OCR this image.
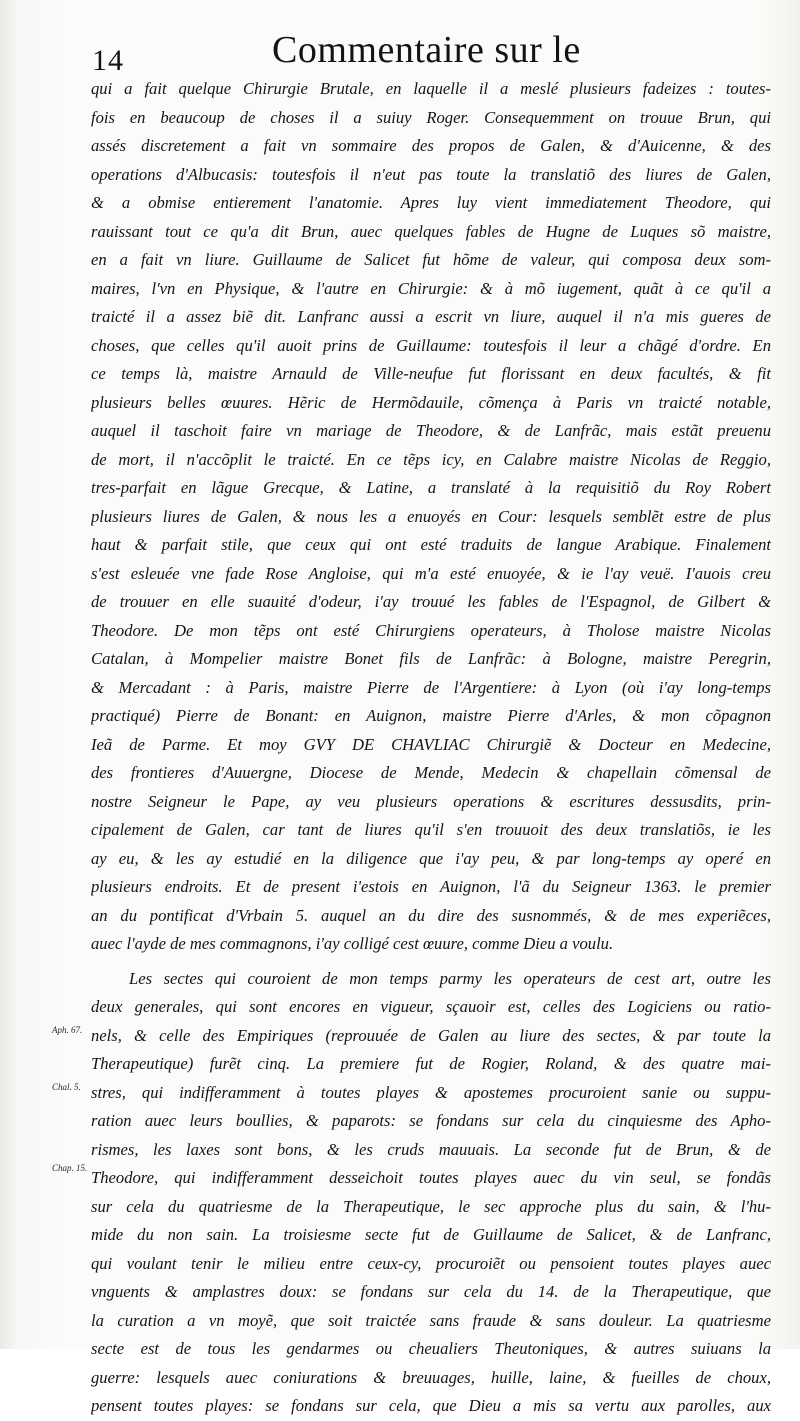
14	Commentaire sur le
qui a fait quelque Chirurgie Brutale, en laquelle il a meslé plusieurs fadeizes : toutes-
fois en beaucoup de choses il a suiuy Roger. Consequemment on trouue Brun, qui
assés discretement a fait vn sommaire des propos de Galen, & d'Auicenne, & des
operations d'Albucasis: toutesfois il n'eut pas toute la translatiõ des liures de Galen,
& a obmise entierement l'anatomie. Apres luy vient immediatement Theodore, qui
rauissant tout ce qu'a dit Brun, auec quelques fables de Hugne de Luques sõ maistre,
en a fait vn liure. Guillaume de Salicet fut hõme de valeur, qui composa deux som-
maires, l'vn en Physique, & l'autre en Chirurgie: & à mõ iugement, quãt à ce qu'il a
traicté il a assez biẽ dit. Lanfranc aussi a escrit vn liure, auquel il n'a mis gueres de
choses, que celles qu'il auoit prins de Guillaume: toutesfois il leur a chãgé d'ordre. En
ce temps là, maistre Arnauld de Ville-neufue fut florissant en deux facultés, & fit
plusieurs belles œuures. Hẽric de Hermõdauile, cõmença à Paris vn traicté notable,
auquel il taschoit faire vn mariage de Theodore, & de Lanfrãc, mais estãt preuenu
de mort, il n'accõplit le traicté. En ce tẽps icy, en Calabre maistre Nicolas de Reggio,
tres-parfait en lãgue Grecque, & Latine, a translaté à la requisitiõ du Roy Robert
plusieurs liures de Galen, & nous les a enuoyés en Cour: lesquels semblẽt estre de plus
haut & parfait stile, que ceux qui ont esté traduits de langue Arabique. Finalement
s'est esleuée vne fade Rose Angloise, qui m'a esté enuoyée, & ie l'ay veuë. I'auois creu
de trouuer en elle suauité d'odeur, i'ay trouué les fables de l'Espagnol, de Gilbert &
Theodore. De mon tẽps ont esté Chirurgiens operateurs, à Tholose maistre Nicolas
Catalan, à Mompelier maistre Bonet fils de Lanfrãc: à Bologne, maistre Peregrin,
& Mercadant : à Paris, maistre Pierre de l'Argentiere: à Lyon (où i'ay long-temps
practiqué) Pierre de Bonant: en Auignon, maistre Pierre d'Arles, & mon cõpagnon
Ieã de Parme. Et moy GVY DE CHAVLIAC Chirurgiẽ & Docteur en Medecine,
des frontieres d'Auuergne, Diocese de Mende, Medecin & chapellain cõmensal de
nostre Seigneur le Pape, ay veu plusieurs operations & escritures dessusdits, prin-
cipalement de Galen, car tant de liures qu'il s'en trouuoit des deux translatiõs, ie les
ay eu, & les ay estudié en la diligence que i'ay peu, & par long-temps ay operé en
plusieurs endroits. Et de present i'estois en Auignon, l'ã du Seigneur 1363. le premier
an du pontificat d'Vrbain 5. auquel an du dire des susnommés, & de mes experiẽces,
auec l'ayde de mes commagnons, i'ay colligé cest œuure, comme Dieu a voulu.
Les sectes qui couroient de mon temps parmy les operateurs de cest art, outre les
deux generales, qui sont encores en vigueur, sçauoir est, celles des Logiciens ou ratio-
nels, & celle des Empiriques (reprouuée de Galen au liure des sectes, & par toute la
Therapeutique) furẽt cinq. La premiere fut de Rogier, Roland, & des quatre mai-
stres, qui indifferamment à toutes playes & apostemes procuroient sanie ou suppu-
ration auec leurs boullies, & paparots: se fondans sur cela du cinquiesme des Apho-
rismes, les laxes sont bons, & les cruds mauuais. La seconde fut de Brun, & de
Theodore, qui indifferamment desseichoit toutes playes auec du vin seul, se fondãs
sur cela du quatriesme de la Therapeutique, le sec approche plus du sain, & l'hu-
mide du non sain. La troisiesme secte fut de Guillaume de Salicet, & de Lanfranc,
qui voulant tenir le milieu entre ceux-cy, procuroiẽt ou pensoient toutes playes auec
vnguents & amplastres doux: se fondans sur cela du 14. de la Therapeutique, que
la curation a vn moyẽ, que soit traictée sans fraude & sans douleur. La quatriesme
secte est de tous les gendarmes ou cheualiers Theutoniques, & autres suiuans la
guerre: lesquels auec coniurations & breuuages, huille, laine, & fueilles de choux,
pensent toutes playes: se fondans sur cela, que Dieu a mis sa vertu aux parolles, aux
Aph. 67.
Chal. 5.
Chap. 15.
